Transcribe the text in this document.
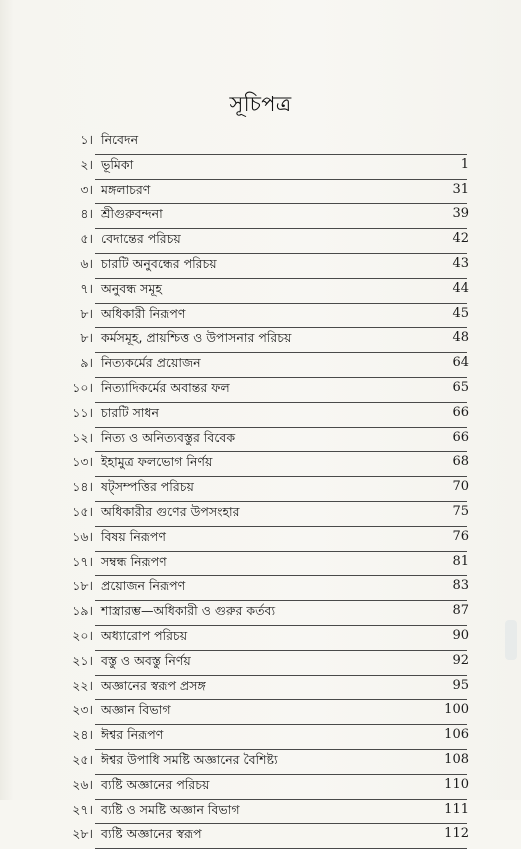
সূচিপত্র
১। নিবেদন
২। ভূমিকা	1
৩। মঙ্গলাচরণ	31
৪। শ্রীগুরুবন্দনা	39
৫। বেদান্তের পরিচয়	42
৬। চারটি অনুবন্ধের পরিচয়	43
৭। অনুবন্ধ সমূহ	44
৮। অধিকারী নিরূপণ	45
৮। কর্মসমূহ, প্রায়শ্চিত্ত ও উপাসনার পরিচয়	48
৯। নিত্যকর্মের প্রয়োজন	64
১০। নিত্যাদিকর্মের অবান্তর ফল	65
১১। চারটি সাধন	66
১২। নিত্য ও অনিত্যবস্তুর বিবেক	66
১৩। ইহামুত্র ফলভোগ নির্ণয়	68
১৪। ষট্সম্পত্তির পরিচয়	70
১৫। অধিকারীর গুণের উপসংহার	75
১৬। বিষয় নিরূপণ	76
১৭। সম্বন্ধ নিরূপণ	81
১৮। প্রয়োজন নিরূপণ	83
১৯। শাস্ত্রারম্ভ—অধিকারী ও গুরুর কর্তব্য	87
২০। অধ্যারোপ পরিচয়	90
২১। বস্তু ও অবস্তু নির্ণয়	92
২২। অজ্ঞানের স্বরূপ প্রসঙ্গ	95
২৩। অজ্ঞান বিভাগ	100
২৪। ঈশ্বর নিরূপণ	106
২৫। ঈশ্বর উপাধি সমষ্টি অজ্ঞানের বৈশিষ্ট্য	108
২৬। ব্যষ্টি অজ্ঞানের পরিচয়	110
২৭। ব্যষ্টি ও সমষ্টি অজ্ঞান বিভাগ	111
২৮। ব্যষ্টি অজ্ঞানের স্বরূপ	112
